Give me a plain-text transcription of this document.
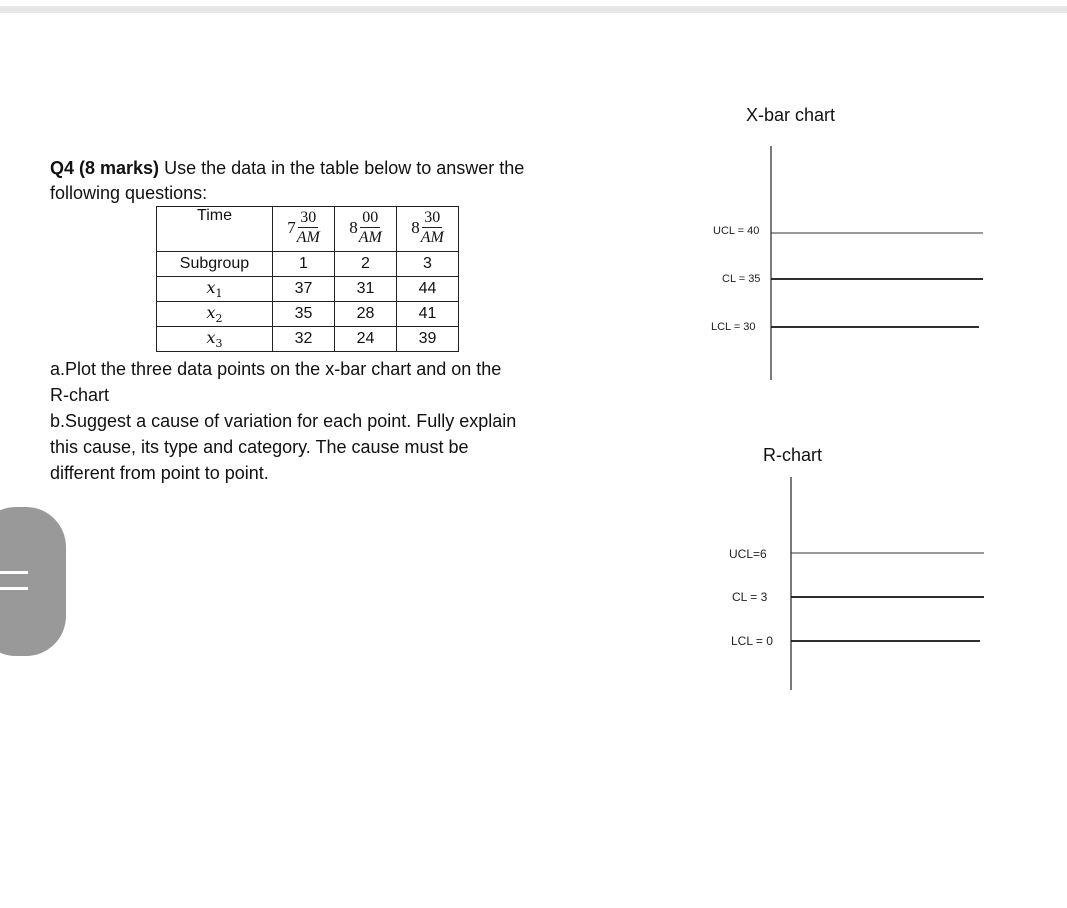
Q4 (8 marks) Use the data in the table below to answer the
following questions:
Time	$7 \frac{30}{AM}$	$8 \frac{00}{AM}$	$8 \frac{30}{AM}$

Subgroup	1	2	3
$x_1$	37	31	44
$x_2$	35	28	41
$x_3$	32	24	39

a.Plot the three data points on the x-bar chart and on the

R-chart

b.Suggest a cause of variation for each point. Fully explain

this cause, its type and category. The cause must be

different from point to point.

X-bar chart
UCL = 40
CL = 35
LCL = 30
R-chart
UCL=6
CL = 3
LCL = 0
